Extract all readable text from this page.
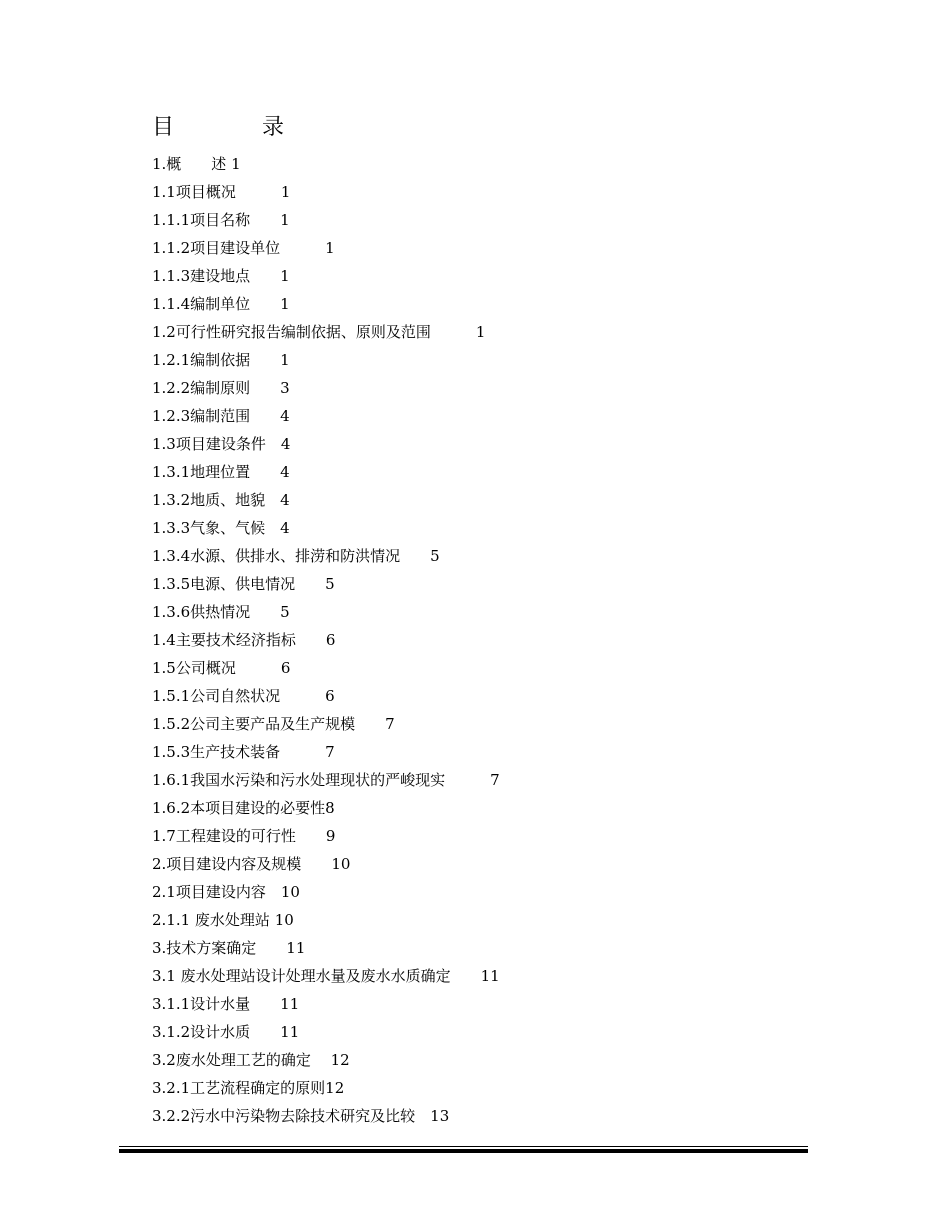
目　　　　录
1.概　　述 1
1.1项目概况　　　1
1.1.1项目名称　　1
1.1.2项目建设单位　　　1
1.1.3建设地点　　1
1.1.4编制单位　　1
1.2可行性研究报告编制依据、原则及范围　　　1
1.2.1编制依据　　1
1.2.2编制原则　　3
1.2.3编制范围　　4
1.3项目建设条件　4
1.3.1地理位置　　4
1.3.2地质、地貌　4
1.3.3气象、气候　4
1.3.4水源、供排水、排涝和防洪情况　　5
1.3.5电源、供电情况　　5
1.3.6供热情况　　5
1.4主要技术经济指标　　6
1.5公司概况　　　6
1.5.1公司自然状况　　　6
1.5.2公司主要产品及生产规模　　7
1.5.3生产技术装备　　　7
1.6.1我国水污染和污水处理现状的严峻现实　　　7
1.6.2本项目建设的必要性8
1.7工程建设的可行性　　9
2.项目建设内容及规模　　10
2.1项目建设内容　10
2.1.1 废水处理站 10
3.技术方案确定　　11
3.1 废水处理站设计处理水量及废水水质确定　　11
3.1.1设计水量　　11
3.1.2设计水质　　11
3.2废水处理工艺的确定　 12
3.2.1工艺流程确定的原则12
3.2.2污水中污染物去除技术研究及比较　13
